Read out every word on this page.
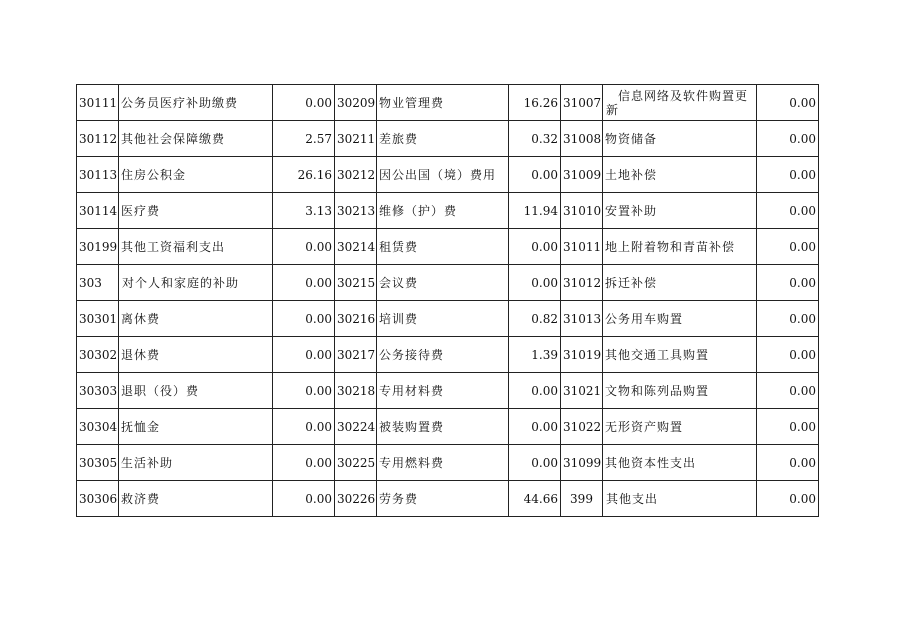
30111	公务员医疗补助缴费	0.00	30209	物业管理费	16.26	31007	信息网络及软件购置更新	0.00
30112	其他社会保障缴费	2.57	30211	差旅费	0.32	31008	物资储备	0.00
30113	住房公积金	26.16	30212	因公出国（境）费用	0.00	31009	土地补偿	0.00
30114	医疗费	3.13	30213	维修（护）费	11.94	31010	安置补助	0.00
30199	其他工资福利支出	0.00	30214	租赁费	0.00	31011	地上附着物和青苗补偿	0.00
303	对个人和家庭的补助	0.00	30215	会议费	0.00	31012	拆迁补偿	0.00
30301	离休费	0.00	30216	培训费	0.82	31013	公务用车购置	0.00
30302	退休费	0.00	30217	公务接待费	1.39	31019	其他交通工具购置	0.00
30303	退职（役）费	0.00	30218	专用材料费	0.00	31021	文物和陈列品购置	0.00
30304	抚恤金	0.00	30224	被装购置费	0.00	31022	无形资产购置	0.00
30305	生活补助	0.00	30225	专用燃料费	0.00	31099	其他资本性支出	0.00
30306	救济费	0.00	30226	劳务费	44.66	399	其他支出	0.00
